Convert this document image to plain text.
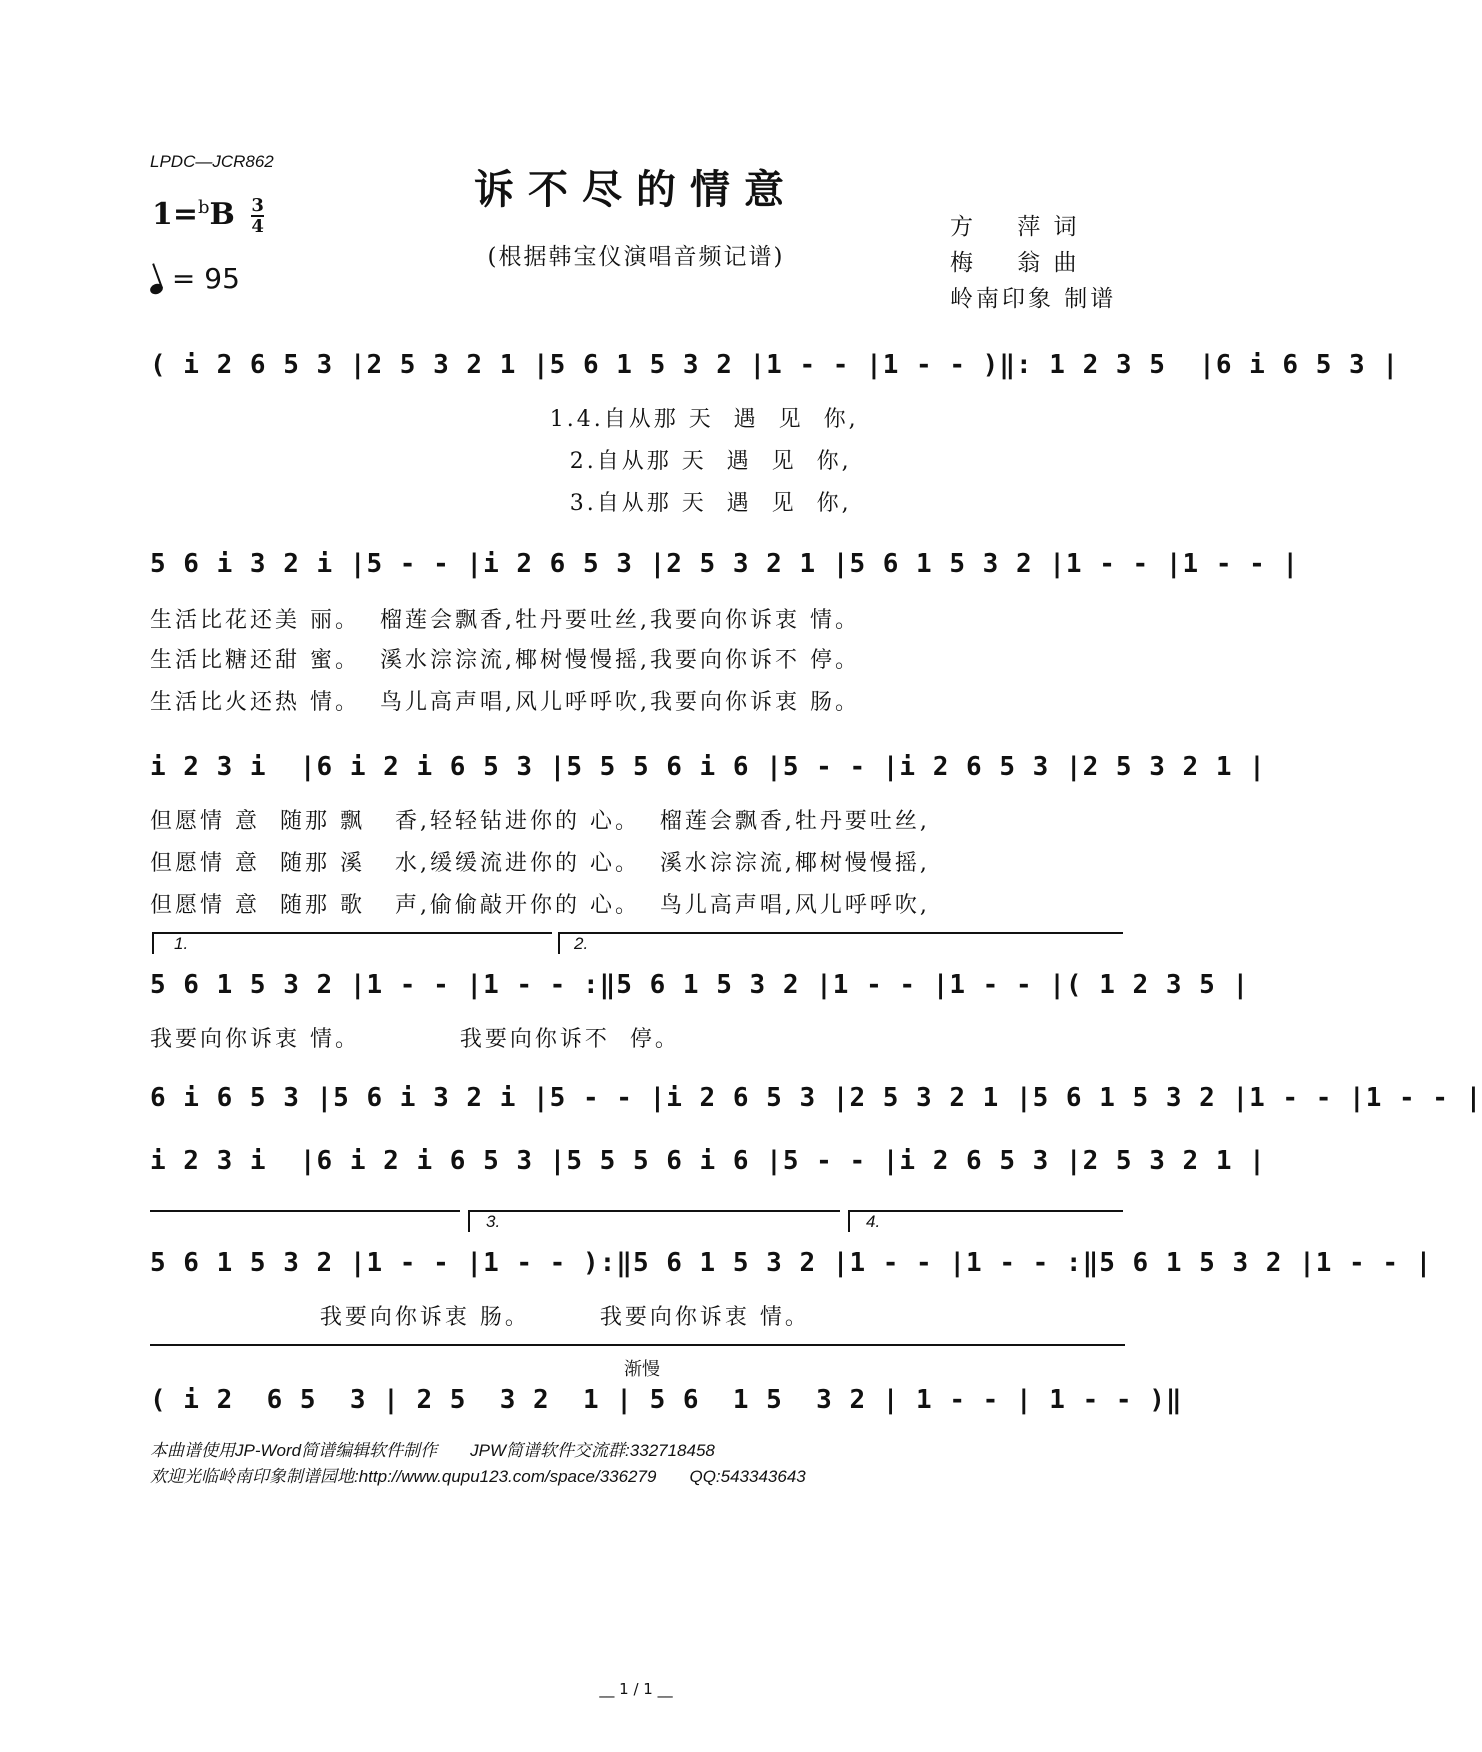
LPDC—JCR862
诉不尽的情意
(根据韩宝仪演唱音频记谱)
$1=^bB \frac{3}{4}$
= 95
方    萍 词
梅    翁 曲
岭南印象 制谱
( i 2 6 5 3 |2 5 3 2 1 |5 6 1 5 3 2 |1 - - |1 - - )‖: 1 2 3 5  |6 i 6 5 3 |
1.4.自从那 天  遇  见  你,
2.自从那 天  遇  见  你,
3.自从那 天  遇  见  你,
5 6 i 3 2 i |5 - - |i 2 6 5 3 |2 5 3 2 1 |5 6 1 5 3 2 |1 - - |1 - - |
生活比花还美 丽。  榴莲会飘香,牡丹要吐丝,我要向你诉衷 情。
生活比糖还甜 蜜。  溪水淙淙流,椰树慢慢摇,我要向你诉不 停。
生活比火还热 情。  鸟儿高声唱,风儿呼呼吹,我要向你诉衷 肠。
i 2 3 i  |6 i 2 i 6 5 3 |5 5 5 6 i 6 |5 - - |i 2 6 5 3 |2 5 3 2 1 |
但愿情 意  随那 飘   香,轻轻钻进你的 心。  榴莲会飘香,牡丹要吐丝,
但愿情 意  随那 溪   水,缓缓流进你的 心。  溪水淙淙流,椰树慢慢摇,
但愿情 意  随那 歌   声,偷偷敲开你的 心。  鸟儿高声唱,风儿呼呼吹,
1.	2.
5 6 1 5 3 2 |1 - - |1 - - :‖5 6 1 5 3 2 |1 - - |1 - - |( 1 2 3 5 |
我要向你诉衷 情。          我要向你诉不  停。
6 i 6 5 3 |5 6 i 3 2 i |5 - - |i 2 6 5 3 |2 5 3 2 1 |5 6 1 5 3 2 |1 - - |1 - - |
i 2 3 i  |6 i 2 i 6 5 3 |5 5 5 6 i 6 |5 - - |i 2 6 5 3 |2 5 3 2 1 |
3.	4.
5 6 1 5 3 2 |1 - - |1 - - ):‖5 6 1 5 3 2 |1 - - |1 - - :‖5 6 1 5 3 2 |1 - - |
我要向你诉衷 肠。       我要向你诉衷 情。
渐慢
( i 2  6 5  3 | 2 5  3 2  1 | 5 6  1 5  3 2 | 1 - - | 1 - - )‖
本曲谱使用JP-Word简谱编辑软件制作       JPW简谱软件交流群:332718458
欢迎光临岭南印象制谱园地:http://www.qupu123.com/space/336279       QQ:543343643
__ 1 / 1 __
